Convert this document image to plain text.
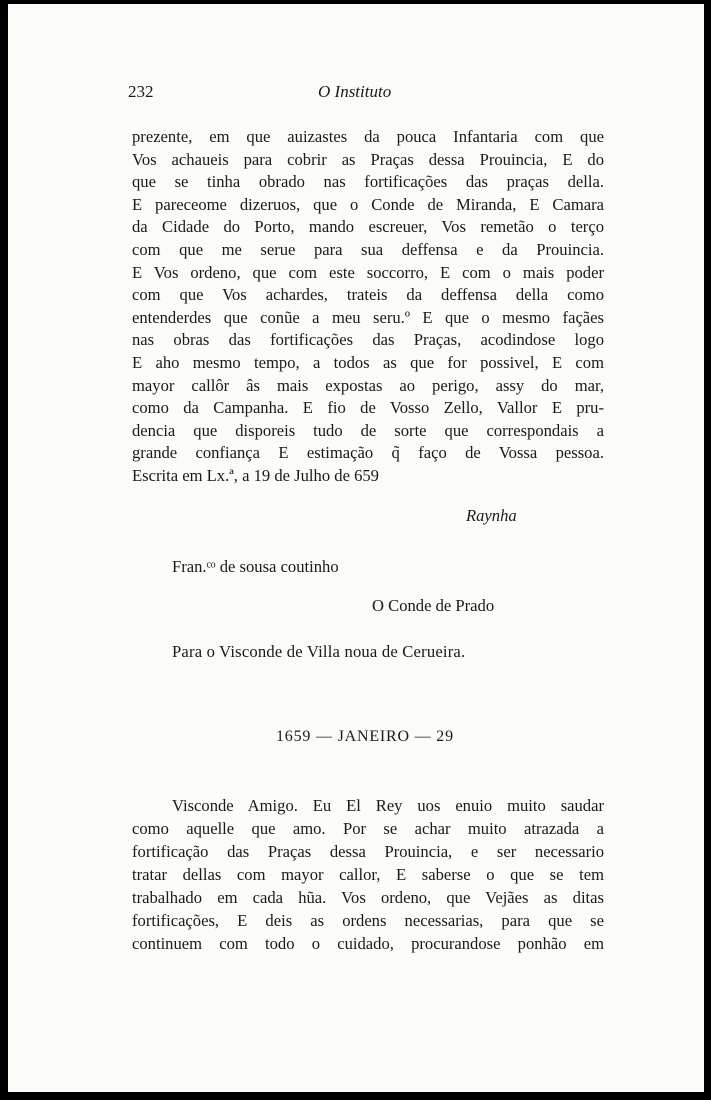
232	O Instituto
prezente, em que auizastes da pouca Infantaria com que
Vos achaueis para cobrir as Praças dessa Prouincia, E do
que se tinha obrado nas fortificações das praças della.
E pareceome dizeruos, que o Conde de Miranda, E Camara
da Cidade do Porto, mando escreuer, Vos remetão o terço
com que me serue para sua deffensa e da Prouincia.
E Vos ordeno, que com este soccorro, E com o mais poder
com que Vos achardes, trateis da deffensa della como
entenderdes que conũe a meu seru.º E que o mesmo façães
nas obras das fortificações das Praças, acodindose logo
E aho mesmo tempo, a todos as que for possivel, E com
mayor callôr âs mais expostas ao perigo, assy do mar,
como da Campanha. E fio de Vosso Zello, Vallor E pru-
dencia que disporeis tudo de sorte que correspondais a
grande confiança E estimação q̃ faço de Vossa pessoa.
Escrita em Lx.ª, a 19 de Julho de 659
Raynha
Fran.ᶜᵒ de sousa coutinho
O Conde de Prado
Para o Visconde de Villa noua de Cerueira.
1659 — JANEIRO — 29
Visconde Amigo. Eu El Rey uos enuio muito saudar
como aquelle que amo. Por se achar muito atrazada a
fortificação das Praças dessa Prouincia, e ser necessario
tratar dellas com mayor callor, E saberse o que se tem
trabalhado em cada hũa. Vos ordeno, que Vejães as ditas
fortificações, E deis as ordens necessarias, para que se
continuem com todo o cuidado, procurandose ponhão em
